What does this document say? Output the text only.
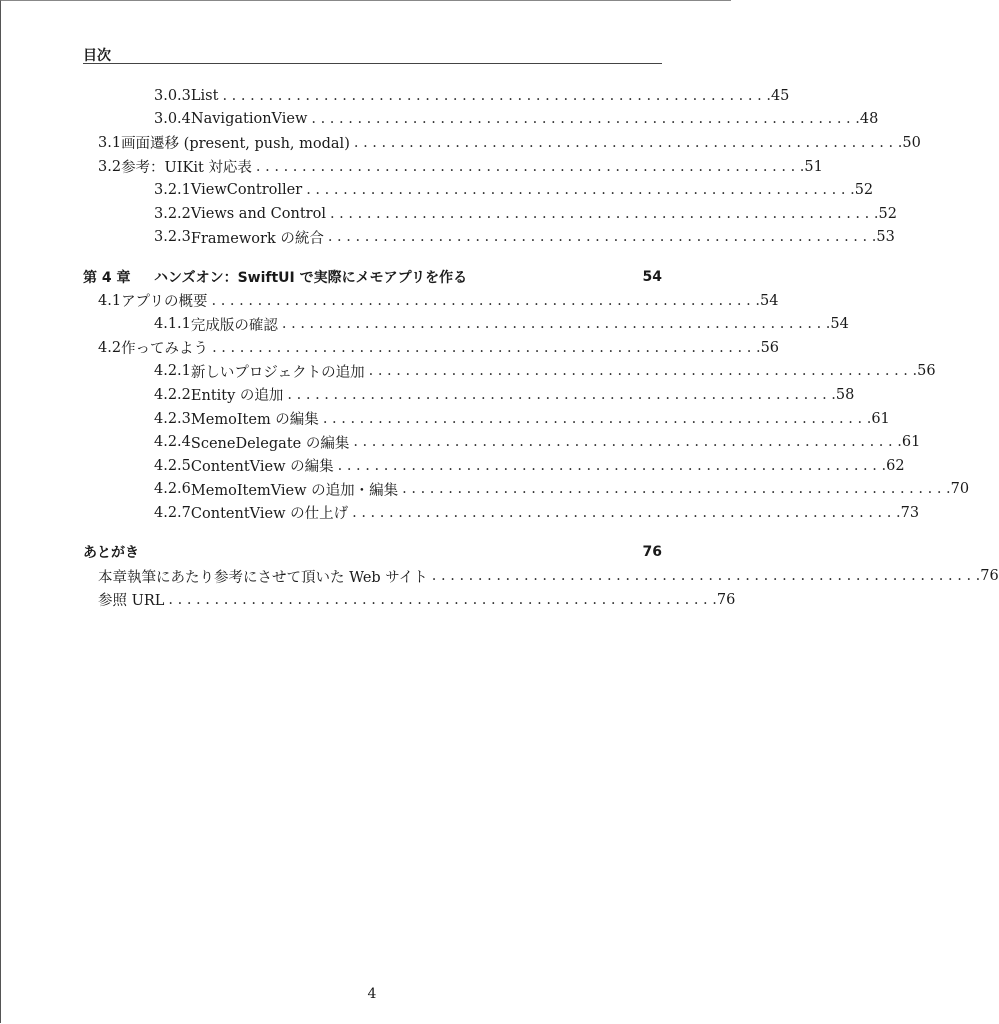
目次
3.0.3 List . . . . . . . . . . . . . . . . . . . . . . . . . . . . . . . . . . . . . . . . . . . . . . . . . . . . . . . . . . . . 45
3.0.4 NavigationView . . . . . . . . . . . . . . . . . . . . . . . . . . . . . . . . . . . . . . . . . . . . . . . . . . . . . . . . . . . . 48
3.1 画面遷移 (present, push, modal) . . . . . . . . . . . . . . . . . . . . . . . . . . . . . . . . . . . . . . . . . . . . . . . . . . . . . . . . . . . . 50
3.2 参考：UIKit 対応表 . . . . . . . . . . . . . . . . . . . . . . . . . . . . . . . . . . . . . . . . . . . . . . . . . . . . . . . . . . . . 51
3.2.1 ViewController . . . . . . . . . . . . . . . . . . . . . . . . . . . . . . . . . . . . . . . . . . . . . . . . . . . . . . . . . . . . 52
3.2.2 Views and Control . . . . . . . . . . . . . . . . . . . . . . . . . . . . . . . . . . . . . . . . . . . . . . . . . . . . . . . . . . . . 52
3.2.3 Framework の統合 . . . . . . . . . . . . . . . . . . . . . . . . . . . . . . . . . . . . . . . . . . . . . . . . . . . . . . . . . . . . 53
第 4 章	ハンズオン：SwiftUI で実際にメモアプリを作る	54
4.1 アプリの概要 . . . . . . . . . . . . . . . . . . . . . . . . . . . . . . . . . . . . . . . . . . . . . . . . . . . . . . . . . . . . 54
4.1.1 完成版の確認 . . . . . . . . . . . . . . . . . . . . . . . . . . . . . . . . . . . . . . . . . . . . . . . . . . . . . . . . . . . . 54
4.2 作ってみよう . . . . . . . . . . . . . . . . . . . . . . . . . . . . . . . . . . . . . . . . . . . . . . . . . . . . . . . . . . . . 56
4.2.1 新しいプロジェクトの追加 . . . . . . . . . . . . . . . . . . . . . . . . . . . . . . . . . . . . . . . . . . . . . . . . . . . . . . . . . . . . 56
4.2.2 Entity の追加 . . . . . . . . . . . . . . . . . . . . . . . . . . . . . . . . . . . . . . . . . . . . . . . . . . . . . . . . . . . . 58
4.2.3 MemoItem の編集 . . . . . . . . . . . . . . . . . . . . . . . . . . . . . . . . . . . . . . . . . . . . . . . . . . . . . . . . . . . . 61
4.2.4 SceneDelegate の編集 . . . . . . . . . . . . . . . . . . . . . . . . . . . . . . . . . . . . . . . . . . . . . . . . . . . . . . . . . . . . 61
4.2.5 ContentView の編集 . . . . . . . . . . . . . . . . . . . . . . . . . . . . . . . . . . . . . . . . . . . . . . . . . . . . . . . . . . . . 62
4.2.6 MemoItemView の追加・編集 . . . . . . . . . . . . . . . . . . . . . . . . . . . . . . . . . . . . . . . . . . . . . . . . . . . . . . . . . . . . 70
4.2.7 ContentView の仕上げ . . . . . . . . . . . . . . . . . . . . . . . . . . . . . . . . . . . . . . . . . . . . . . . . . . . . . . . . . . . . 73
あとがき	76
本章執筆にあたり参考にさせて頂いた Web サイト . . . . . . . . . . . . . . . . . . . . . . . . . . . . . . . . . . . . . . . . . . . . . . . . . . . . . . . . . . . . 76
参照 URL . . . . . . . . . . . . . . . . . . . . . . . . . . . . . . . . . . . . . . . . . . . . . . . . . . . . . . . . . . . . 76
4
